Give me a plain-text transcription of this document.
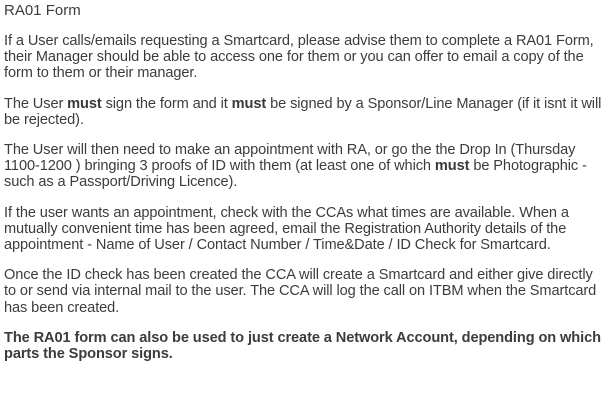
RA01 Form

If a User calls/emails requesting a Smartcard, please advise them to complete a RA01 Form, their Manager should be able to access one for them or you can offer to email a copy of the form to them or their manager.

The User must sign the form and it must be signed by a Sponsor/Line Manager (if it isnt it will be rejected).

The User will then need to make an appointment with RA, or go the the Drop In (Thursday 1100-1200 ) bringing 3 proofs of ID with them (at least one of which must be Photographic - such as a Passport/Driving Licence).

If the user wants an appointment, check with the CCAs what times are available. When a mutually convenient time has been agreed, email the Registration Authority details of the appointment - Name of User / Contact Number / Time&Date / ID Check for Smartcard.

Once the ID check has been created the CCA will create a Smartcard and either give directly to or send via internal mail to the user. The CCA will log the call on ITBM when the Smartcard has been created.

The RA01 form can also be used to just create a Network Account, depending on which parts the Sponsor signs.
